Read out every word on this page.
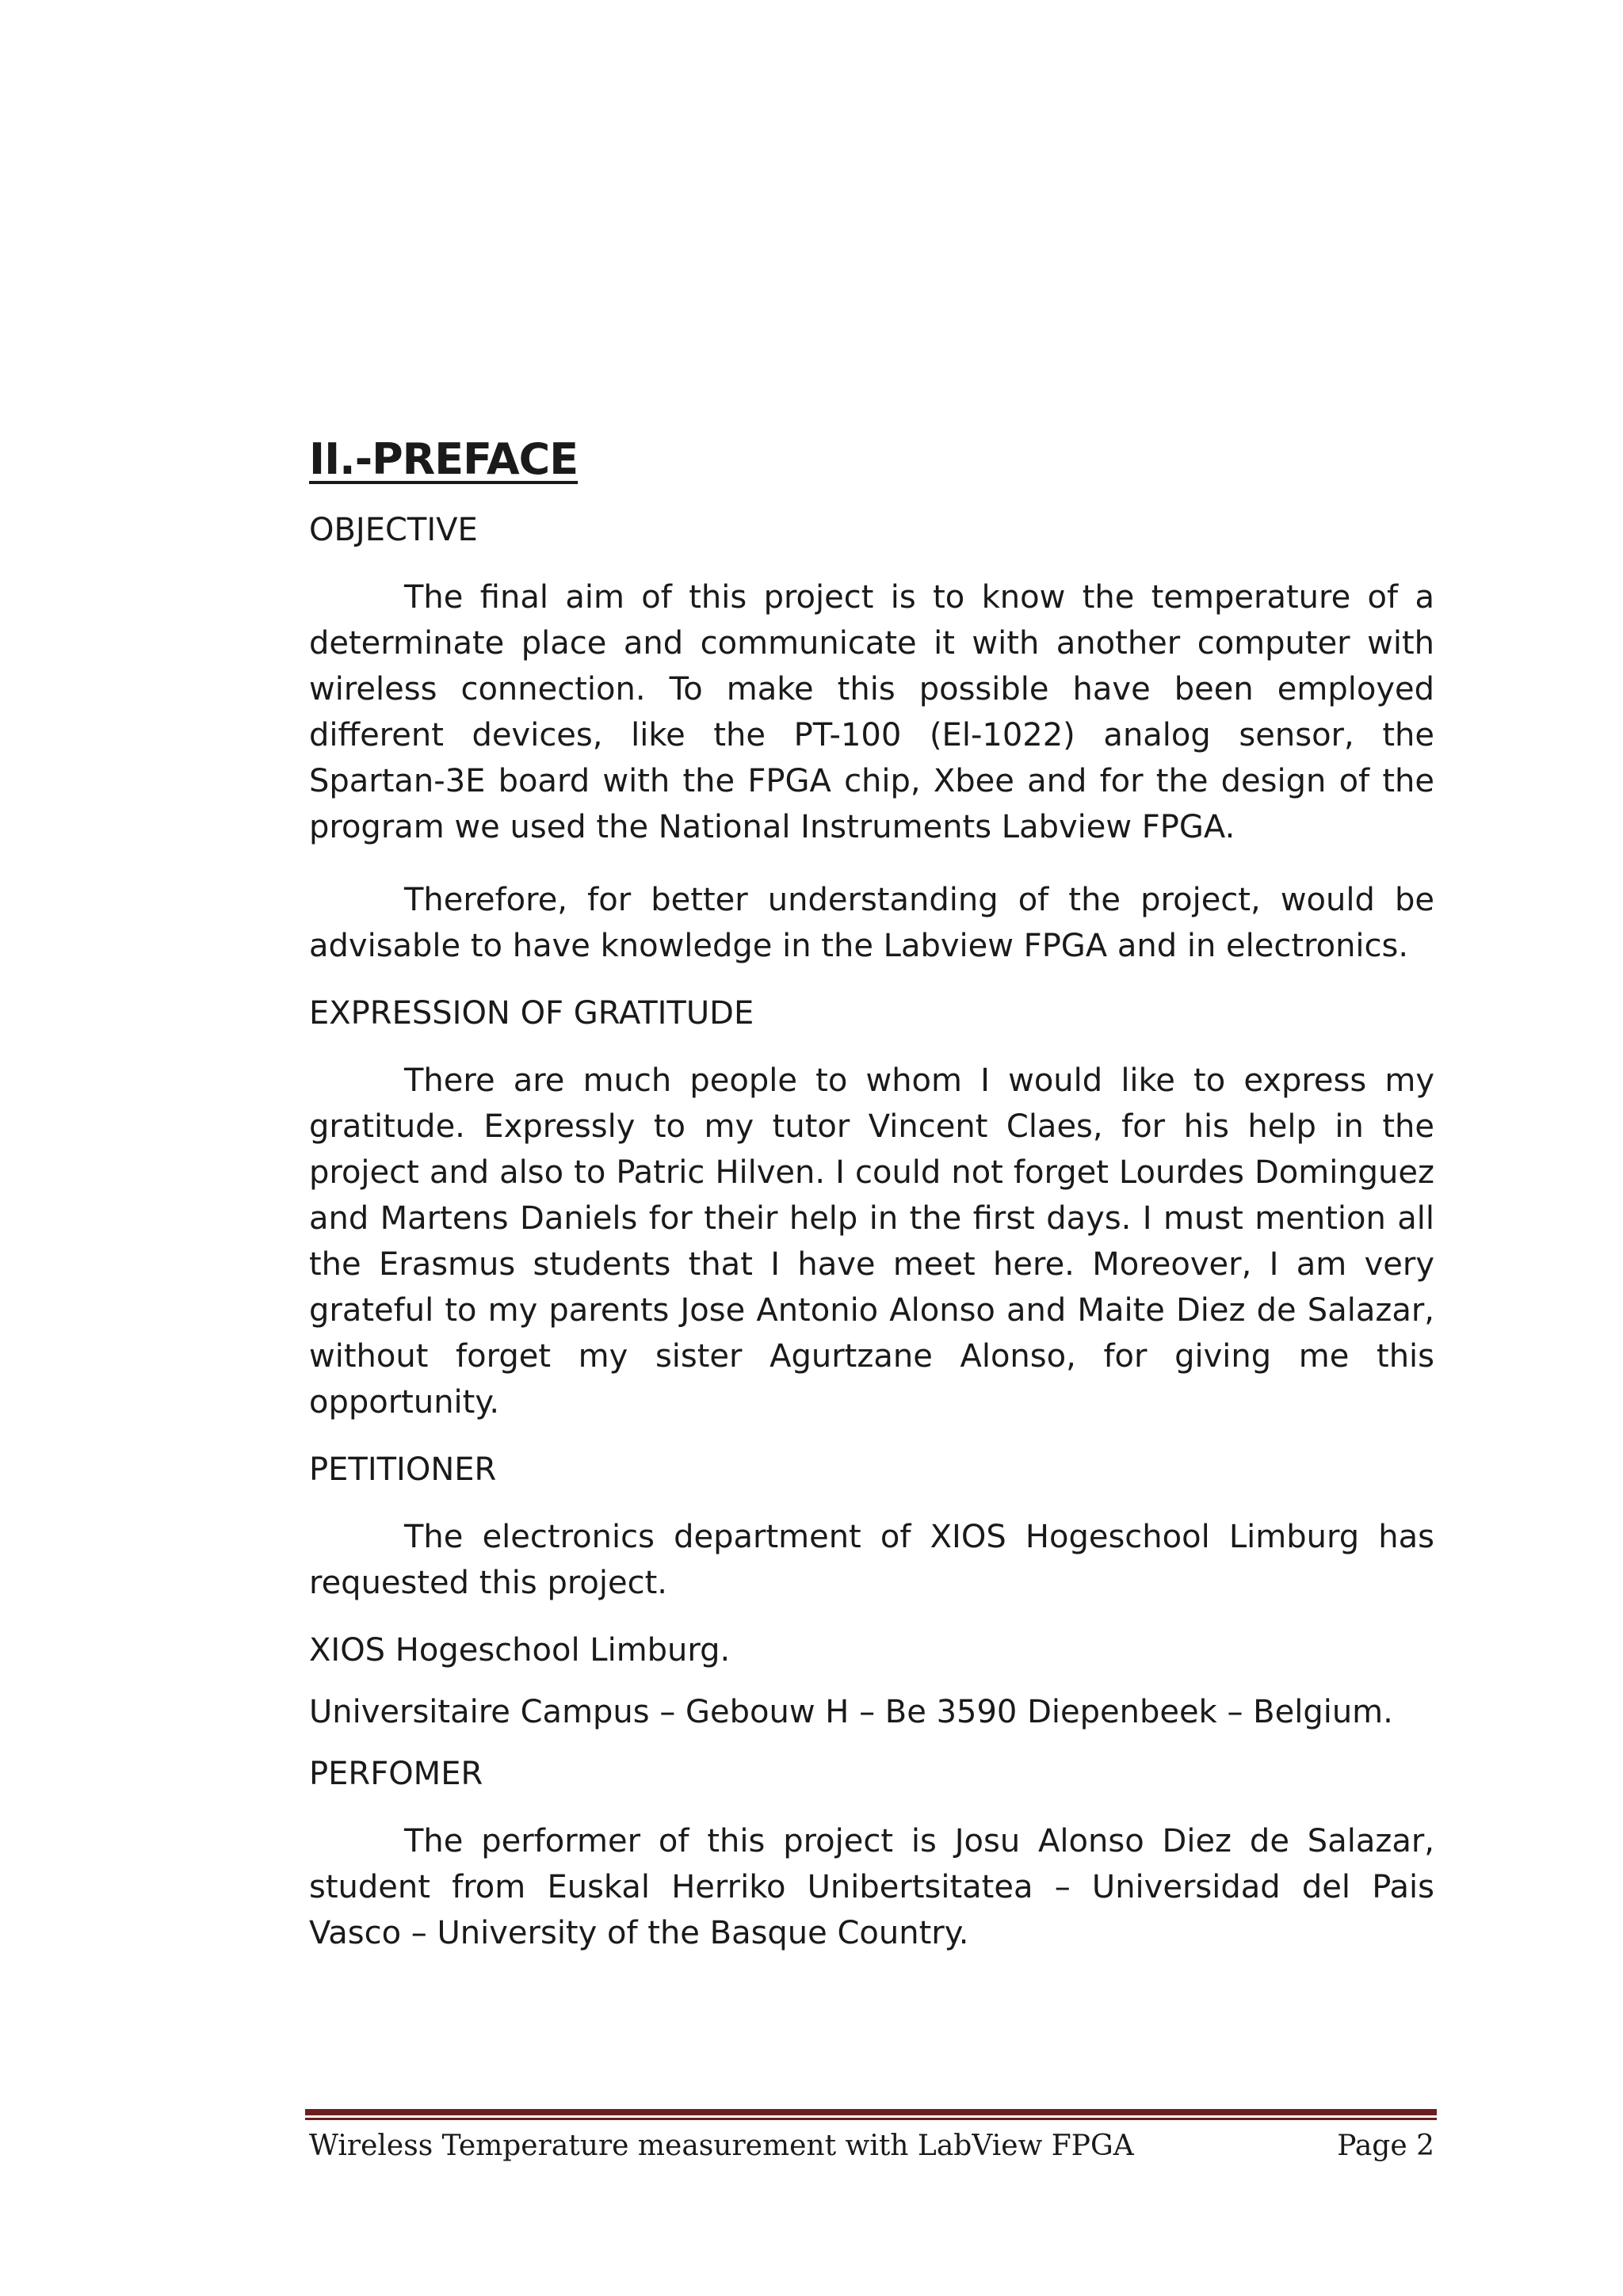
II.-PREFACE
OBJECTIVE

The final aim of this project is to know the temperature of a determinate place and communicate it with another computer with wireless connection. To make this possible have been employed different devices, like the PT-100 (El-1022) analog sensor, the Spartan-3E board with the FPGA chip, Xbee and for the design of the program we used the National Instruments Labview FPGA.

Therefore, for better understanding of the project, would be advisable to have knowledge in the Labview FPGA and in electronics.

EXPRESSION OF GRATITUDE

There are much people to whom I would like to express my gratitude. Expressly to my tutor Vincent Claes, for his help in the project and also to Patric Hilven. I could not forget Lourdes Dominguez and Martens Daniels for their help in the first days. I must mention all the Erasmus students that I have meet here. Moreover, I am very grateful to my parents Jose Antonio Alonso and Maite Diez de Salazar, without forget my sister Agurtzane Alonso, for giving me this opportunity.

PETITIONER

The electronics department of XIOS Hogeschool Limburg has requested this project.

XIOS Hogeschool Limburg.

Universitaire Campus – Gebouw H – Be 3590 Diepenbeek – Belgium.

PERFOMER

The performer of this project is Josu Alonso Diez de Salazar, student from Euskal Herriko Unibertsitatea – Universidad del Pais Vasco – University of the Basque Country.

Wireless Temperature measurement with LabView FPGA	Page 2
